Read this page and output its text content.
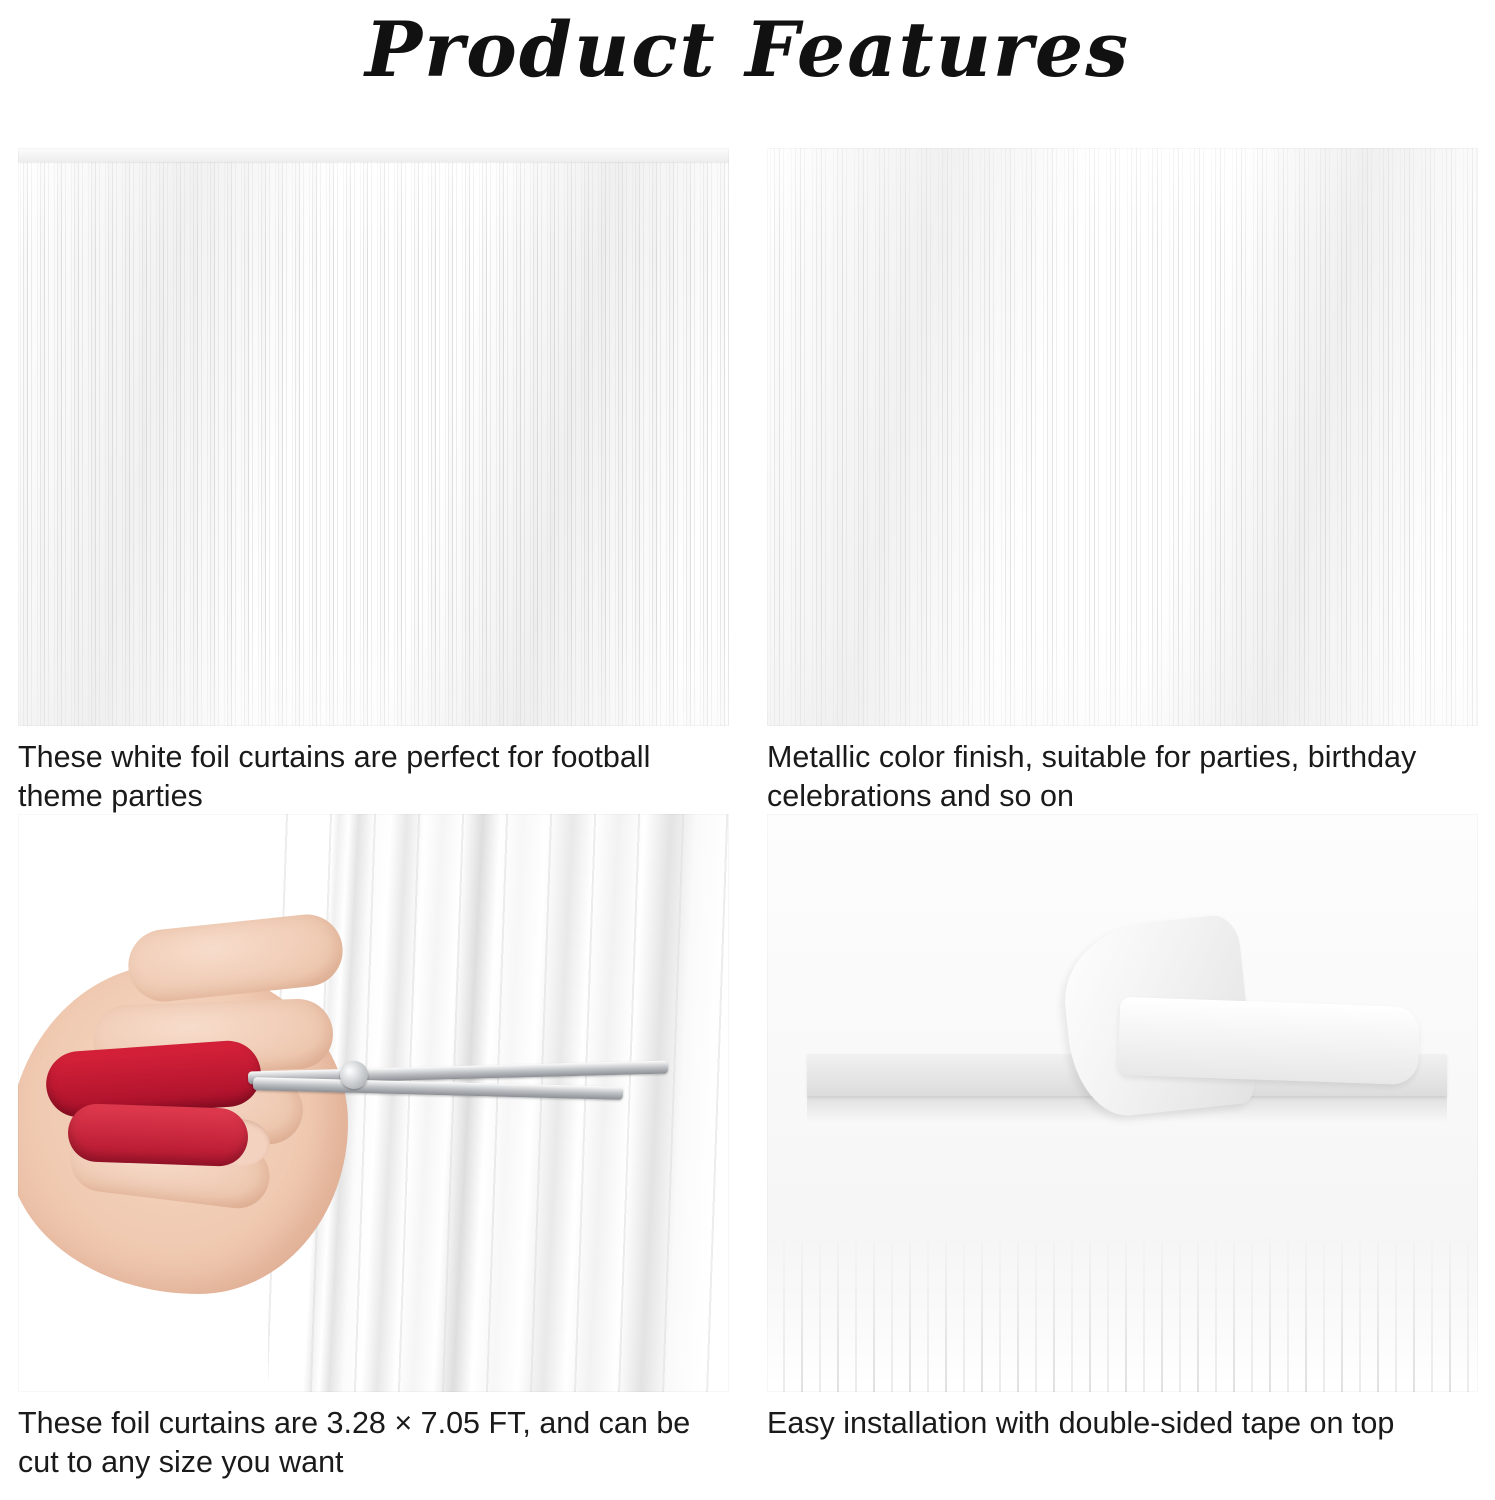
Product Features
These white foil curtains are perfect for football theme parties
Metallic color finish, suitable for parties, birthday celebrations and so on
These foil curtains are 3.28 × 7.05 FT, and can be cut to any size you want
Easy installation with double-sided tape on top
